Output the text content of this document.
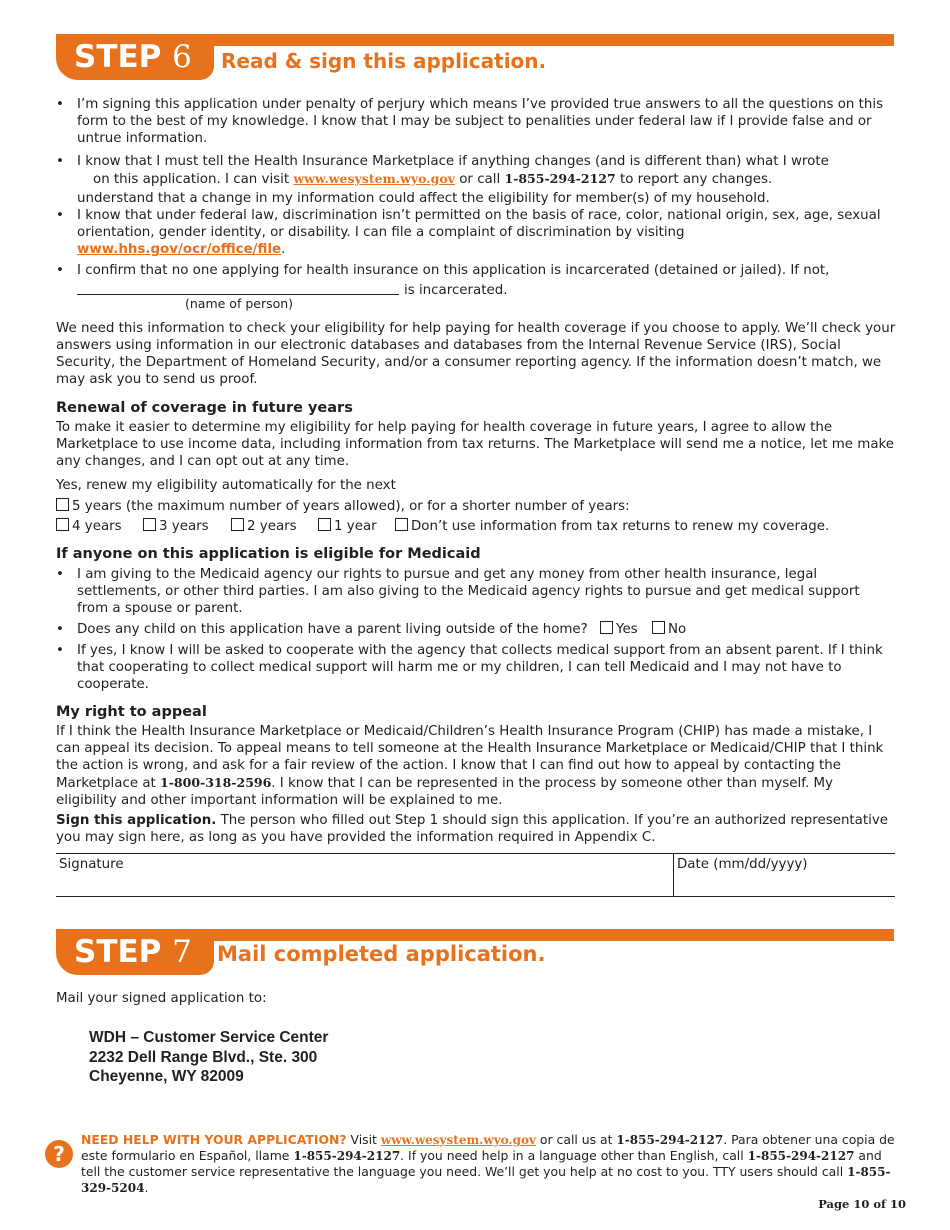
STEP 6	Read & sign this application.
• I’m signing this application under penalty of perjury which means I’ve provided true answers to all the questions on this form to the best of my knowledge. I know that I may be subject to penalities under federal law if I provide false and or untrue information.
• I know that I must tell the Health Insurance Marketplace if anything changes (and is different than) what I wrote
on this application. I can visit www.wesystem.wyo.gov or call 1-855-294-2127 to report any changes.
understand that a change in my information could affect the eligibility for member(s) of my household.
• I know that under federal law, discrimination isn’t permitted on the basis of race, color, national origin, sex, age, sexual orientation, gender identity, or disability. I can file a complaint of discrimination by visiting www.hhs.gov/ocr/office/file.
• I confirm that no one applying for health insurance on this application is incarcerated (detained or jailed). If not,
is incarcerated.
(name of person)
We need this information to check your eligibility for help paying for health coverage if you choose to apply. We’ll check your answers using information in our electronic databases and databases from the Internal Revenue Service (IRS), Social Security, the Department of Homeland Security, and/or a consumer reporting agency. If the information doesn’t match, we may ask you to send us proof.
Renewal of coverage in future years
To make it easier to determine my eligibility for help paying for health coverage in future years, I agree to allow the Marketplace to use income data, including information from tax returns. The Marketplace will send me a notice, let me make any changes, and I can opt out at any time.
Yes, renew my eligibility automatically for the next
5 years (the maximum number of years allowed), or for a shorter number of years:
4 years	3 years	2 years	1 year	Don’t use information from tax returns to renew my coverage.
If anyone on this application is eligible for Medicaid
• I am giving to the Medicaid agency our rights to pursue and get any money from other health insurance, legal settlements, or other third parties. I am also giving to the Medicaid agency rights to pursue and get medical support from a spouse or parent.
• Does any child on this application have a parent living outside of the home? Yes No
• If yes, I know I will be asked to cooperate with the agency that collects medical support from an absent parent. If I think that cooperating to collect medical support will harm me or my children, I can tell Medicaid and I may not have to cooperate.
My right to appeal
If I think the Health Insurance Marketplace or Medicaid/Children’s Health Insurance Program (CHIP) has made a mistake, I can appeal its decision. To appeal means to tell someone at the Health Insurance Marketplace or Medicaid/CHIP that I think the action is wrong, and ask for a fair review of the action. I know that I can find out how to appeal by contacting the Marketplace at 1-800-318-2596. I know that I can be represented in the process by someone other than myself. My eligibility and other important information will be explained to me.
Sign this application. The person who filled out Step 1 should sign this application. If you’re an authorized representative you may sign here, as long as you have provided the information required in Appendix C.
Signature	Date (mm/dd/yyyy)
STEP 7	Mail completed application.
Mail your signed application to:
WDH – Customer Service Center
2232 Dell Range Blvd., Ste. 300
Cheyenne, WY 82009
?
NEED HELP WITH YOUR APPLICATION? Visit www.wesystem.wyo.gov or call us at 1-855-294-2127. Para obtener una copia de este formulario en Español, llame 1-855-294-2127. If you need help in a language other than English, call 1-855-294-2127 and tell the customer service representative the language you need. We’ll get you help at no cost to you. TTY users should call 1-855-329-5204.
Page 10 of 10
